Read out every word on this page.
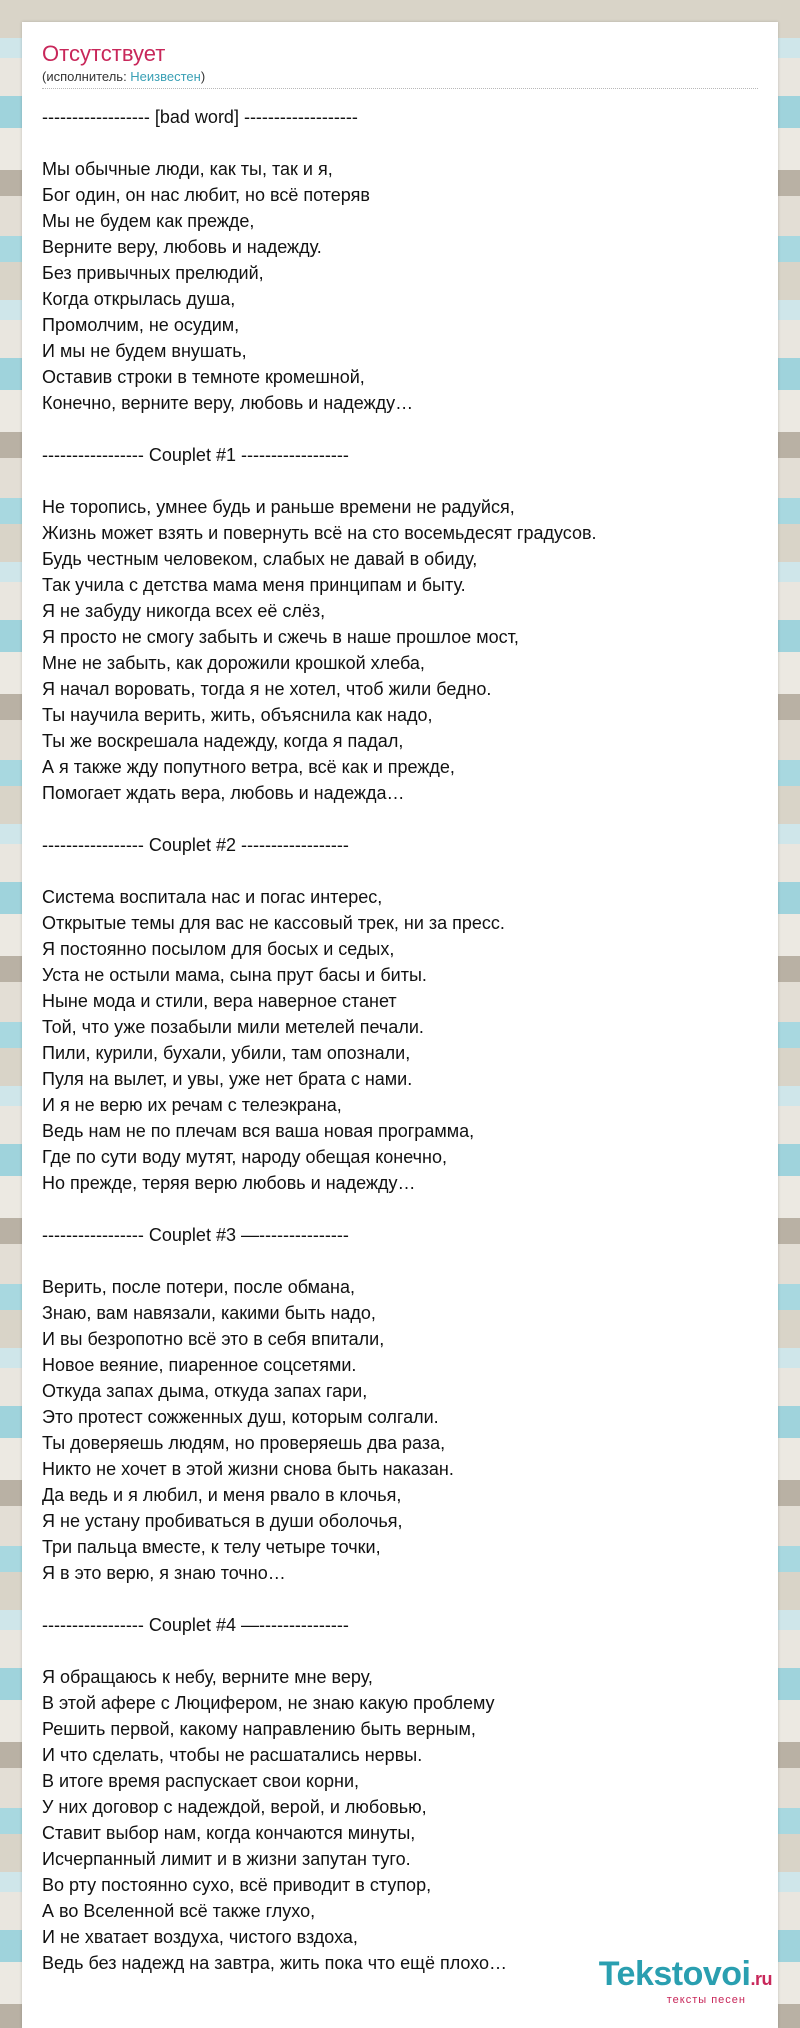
Отсутствует
(исполнитель: Неизвестен)
------------------ [bad word] -------------------
Мы обычные люди, как ты, так и я,
Бог один, он нас любит, но всё потеряв
Мы не будем как прежде,
Верните веру, любовь и надежду.
Без привычных прелюдий,
Когда открылась душа,
Промолчим, не осудим,
И мы не будем внушать,
Оставив строки в темноте кромешной,
Конечно, верните веру, любовь и надежду…
----------------- Couplet #1 ------------------
Не торопись, умнее будь и раньше времени не радуйся,
Жизнь может взять и повернуть всё на сто восемьдесят градусов.
Будь честным человеком, слабых не давай в обиду,
Так учила с детства мама меня принципам и быту.
Я не забуду никогда всех её слёз,
Я просто не смогу забыть и сжечь в наше прошлое мост,
Мне не забыть, как дорожили крошкой хлеба,
Я начал воровать, тогда я не хотел, чтоб жили бедно.
Ты научила верить, жить, объяснила как надо,
Ты же воскрешала надежду, когда я падал,
А я также жду попутного ветра, всё как и прежде,
Помогает ждать вера, любовь и надежда…
----------------- Couplet #2 ------------------
Система воспитала нас и погас интерес,
Открытые темы для вас не кассовый трек, ни за пресс.
Я постоянно посылом для босых и седых,
Уста не остыли мама, сына прут басы и биты.
Ныне мода и стили, вера наверное станет
Той, что уже позабыли мили метелей печали.
Пили, курили, бухали, убили, там опознали,
Пуля на вылет, и увы, уже нет брата с нами.
И я не верю их речам с телеэкрана,
Ведь нам не по плечам вся ваша новая программа,
Где по сути воду мутят, народу обещая конечно,
Но прежде, теряя верю любовь и надежду…
----------------- Couplet #3 —---------------
Верить, после потери, после обмана,
Знаю, вам навязали, какими быть надо,
И вы безропотно всё это в себя впитали,
Новое веяние, пиаренное соцсетями.
Откуда запах дыма, откуда запах гари,
Это протест сожженных душ, которым солгали.
Ты доверяешь людям, но проверяешь два раза,
Никто не хочет в этой жизни снова быть наказан.
Да ведь и я любил, и меня рвало в клочья,
Я не устану пробиваться в души оболочья,
Три пальца вместе, к телу четыре точки,
Я в это верю, я знаю точно…
----------------- Couplet #4 —---------------
Я обращаюсь к небу, верните мне веру,
В этой афере с Люцифером, не знаю какую проблему
Решить первой, какому направлению быть верным,
И что сделать, чтобы не расшатались нервы.
В итоге время распускает свои корни,
У них договор с надеждой, верой, и любовью,
Ставит выбор нам, когда кончаются минуты,
Исчерпанный лимит и в жизни запутан туго.
Во рту постоянно сухо, всё приводит в ступор,
А во Вселенной всё также глухо,
И не хватает воздуха, чистого вздоха,
Ведь без надежд на завтра, жить пока что ещё плохо…	Tekstovoi.ru
тексты песен
